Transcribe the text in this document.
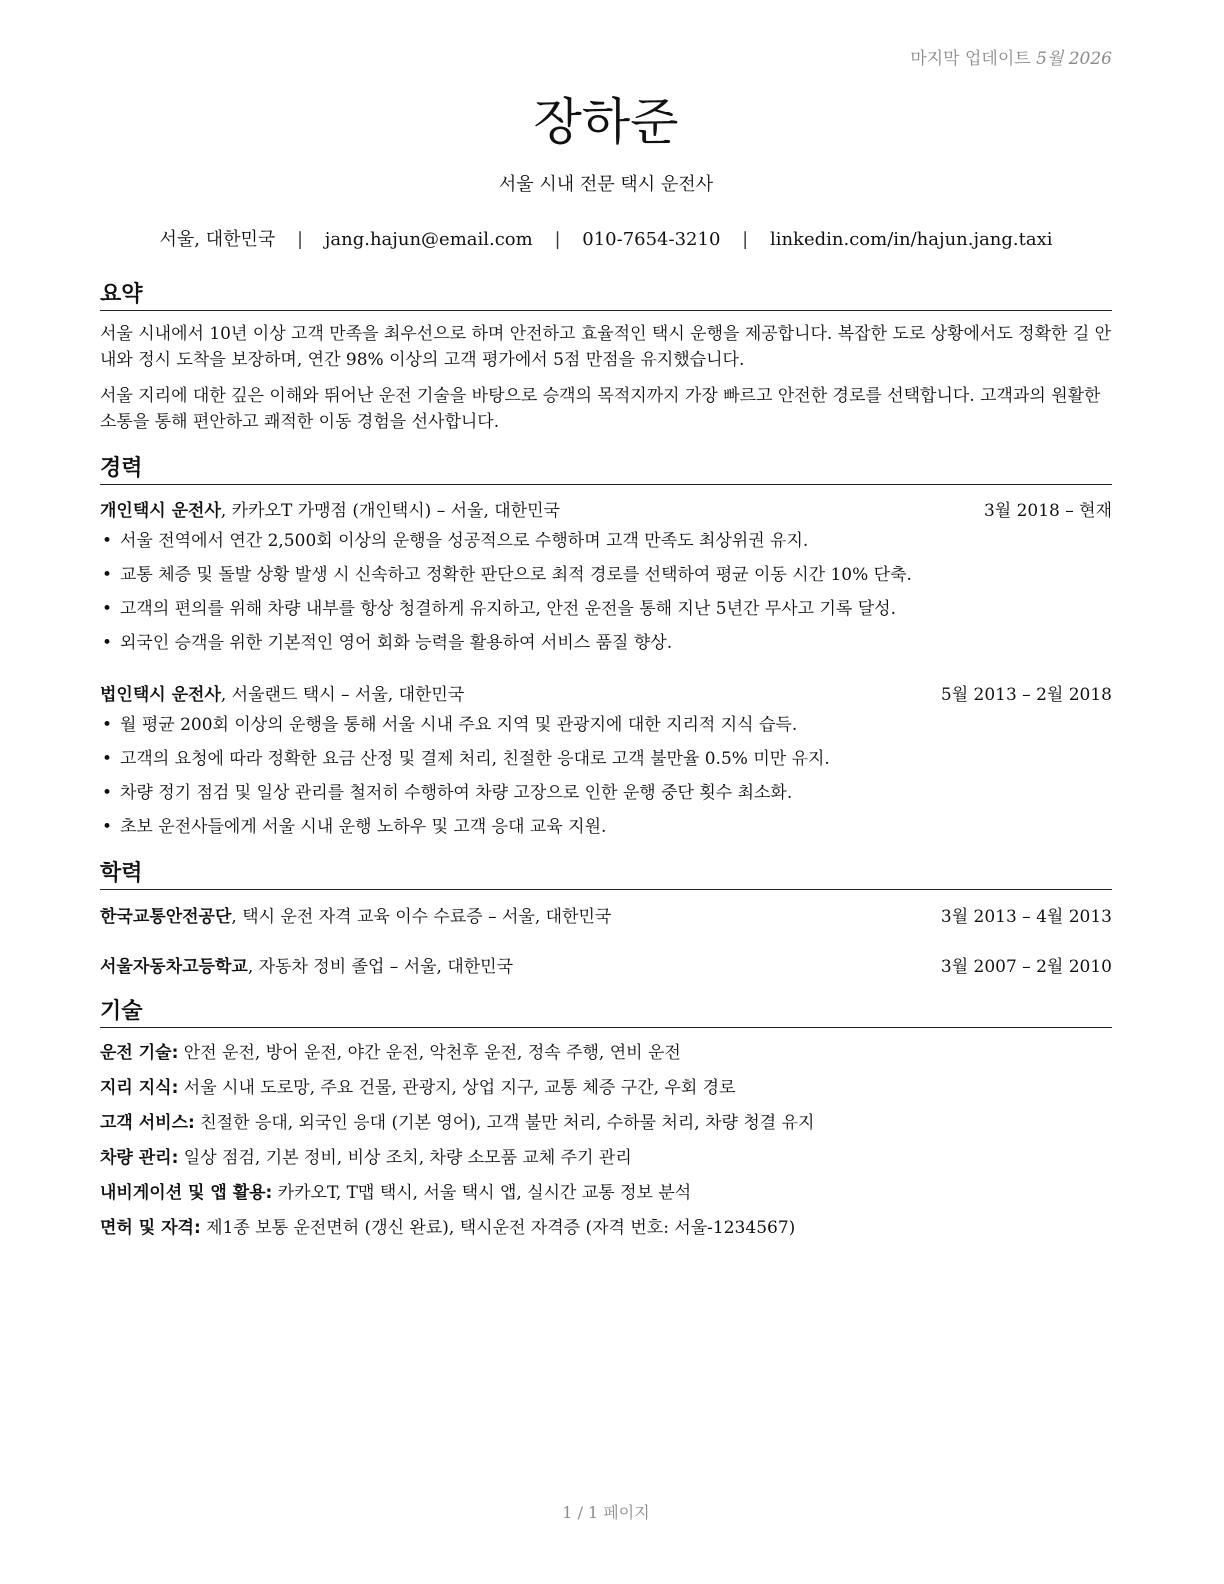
마지막 업데이트 5월 2026
장하준
서울 시내 전문 택시 운전사
서울, 대한민국 | jang.hajun@email.com | 010-7654-3210 | linkedin.com/in/hajun.jang.taxi
요약
서울 시내에서 10년 이상 고객 만족을 최우선으로 하며 안전하고 효율적인 택시 운행을 제공합니다. 복잡한 도로 상황에서도 정확한 길 안내와 정시 도착을 보장하며, 연간 98% 이상의 고객 평가에서 5점 만점을 유지했습니다.
서울 지리에 대한 깊은 이해와 뛰어난 운전 기술을 바탕으로 승객의 목적지까지 가장 빠르고 안전한 경로를 선택합니다. 고객과의 원활한 소통을 통해 편안하고 쾌적한 이동 경험을 선사합니다.
경력
개인택시 운전사, 카카오T 가맹점 (개인택시) – 서울, 대한민국	3월 2018 – 현재
• 서울 전역에서 연간 2,500회 이상의 운행을 성공적으로 수행하며 고객 만족도 최상위권 유지.
• 교통 체증 및 돌발 상황 발생 시 신속하고 정확한 판단으로 최적 경로를 선택하여 평균 이동 시간 10% 단축.
• 고객의 편의를 위해 차량 내부를 항상 청결하게 유지하고, 안전 운전을 통해 지난 5년간 무사고 기록 달성.
• 외국인 승객을 위한 기본적인 영어 회화 능력을 활용하여 서비스 품질 향상.
법인택시 운전사, 서울랜드 택시 – 서울, 대한민국	5월 2013 – 2월 2018
• 월 평균 200회 이상의 운행을 통해 서울 시내 주요 지역 및 관광지에 대한 지리적 지식 습득.
• 고객의 요청에 따라 정확한 요금 산정 및 결제 처리, 친절한 응대로 고객 불만율 0.5% 미만 유지.
• 차량 정기 점검 및 일상 관리를 철저히 수행하여 차량 고장으로 인한 운행 중단 횟수 최소화.
• 초보 운전사들에게 서울 시내 운행 노하우 및 고객 응대 교육 지원.
학력
한국교통안전공단, 택시 운전 자격 교육 이수 수료증 – 서울, 대한민국	3월 2013 – 4월 2013
서울자동차고등학교, 자동차 정비 졸업 – 서울, 대한민국	3월 2007 – 2월 2010
기술
운전 기술: 안전 운전, 방어 운전, 야간 운전, 악천후 운전, 정속 주행, 연비 운전
지리 지식: 서울 시내 도로망, 주요 건물, 관광지, 상업 지구, 교통 체증 구간, 우회 경로
고객 서비스: 친절한 응대, 외국인 응대 (기본 영어), 고객 불만 처리, 수하물 처리, 차량 청결 유지
차량 관리: 일상 점검, 기본 정비, 비상 조치, 차량 소모품 교체 주기 관리
내비게이션 및 앱 활용: 카카오T, T맵 택시, 서울 택시 앱, 실시간 교통 정보 분석
면허 및 자격: 제1종 보통 운전면허 (갱신 완료), 택시운전 자격증 (자격 번호: 서울-1234567)
1 / 1 페이지
